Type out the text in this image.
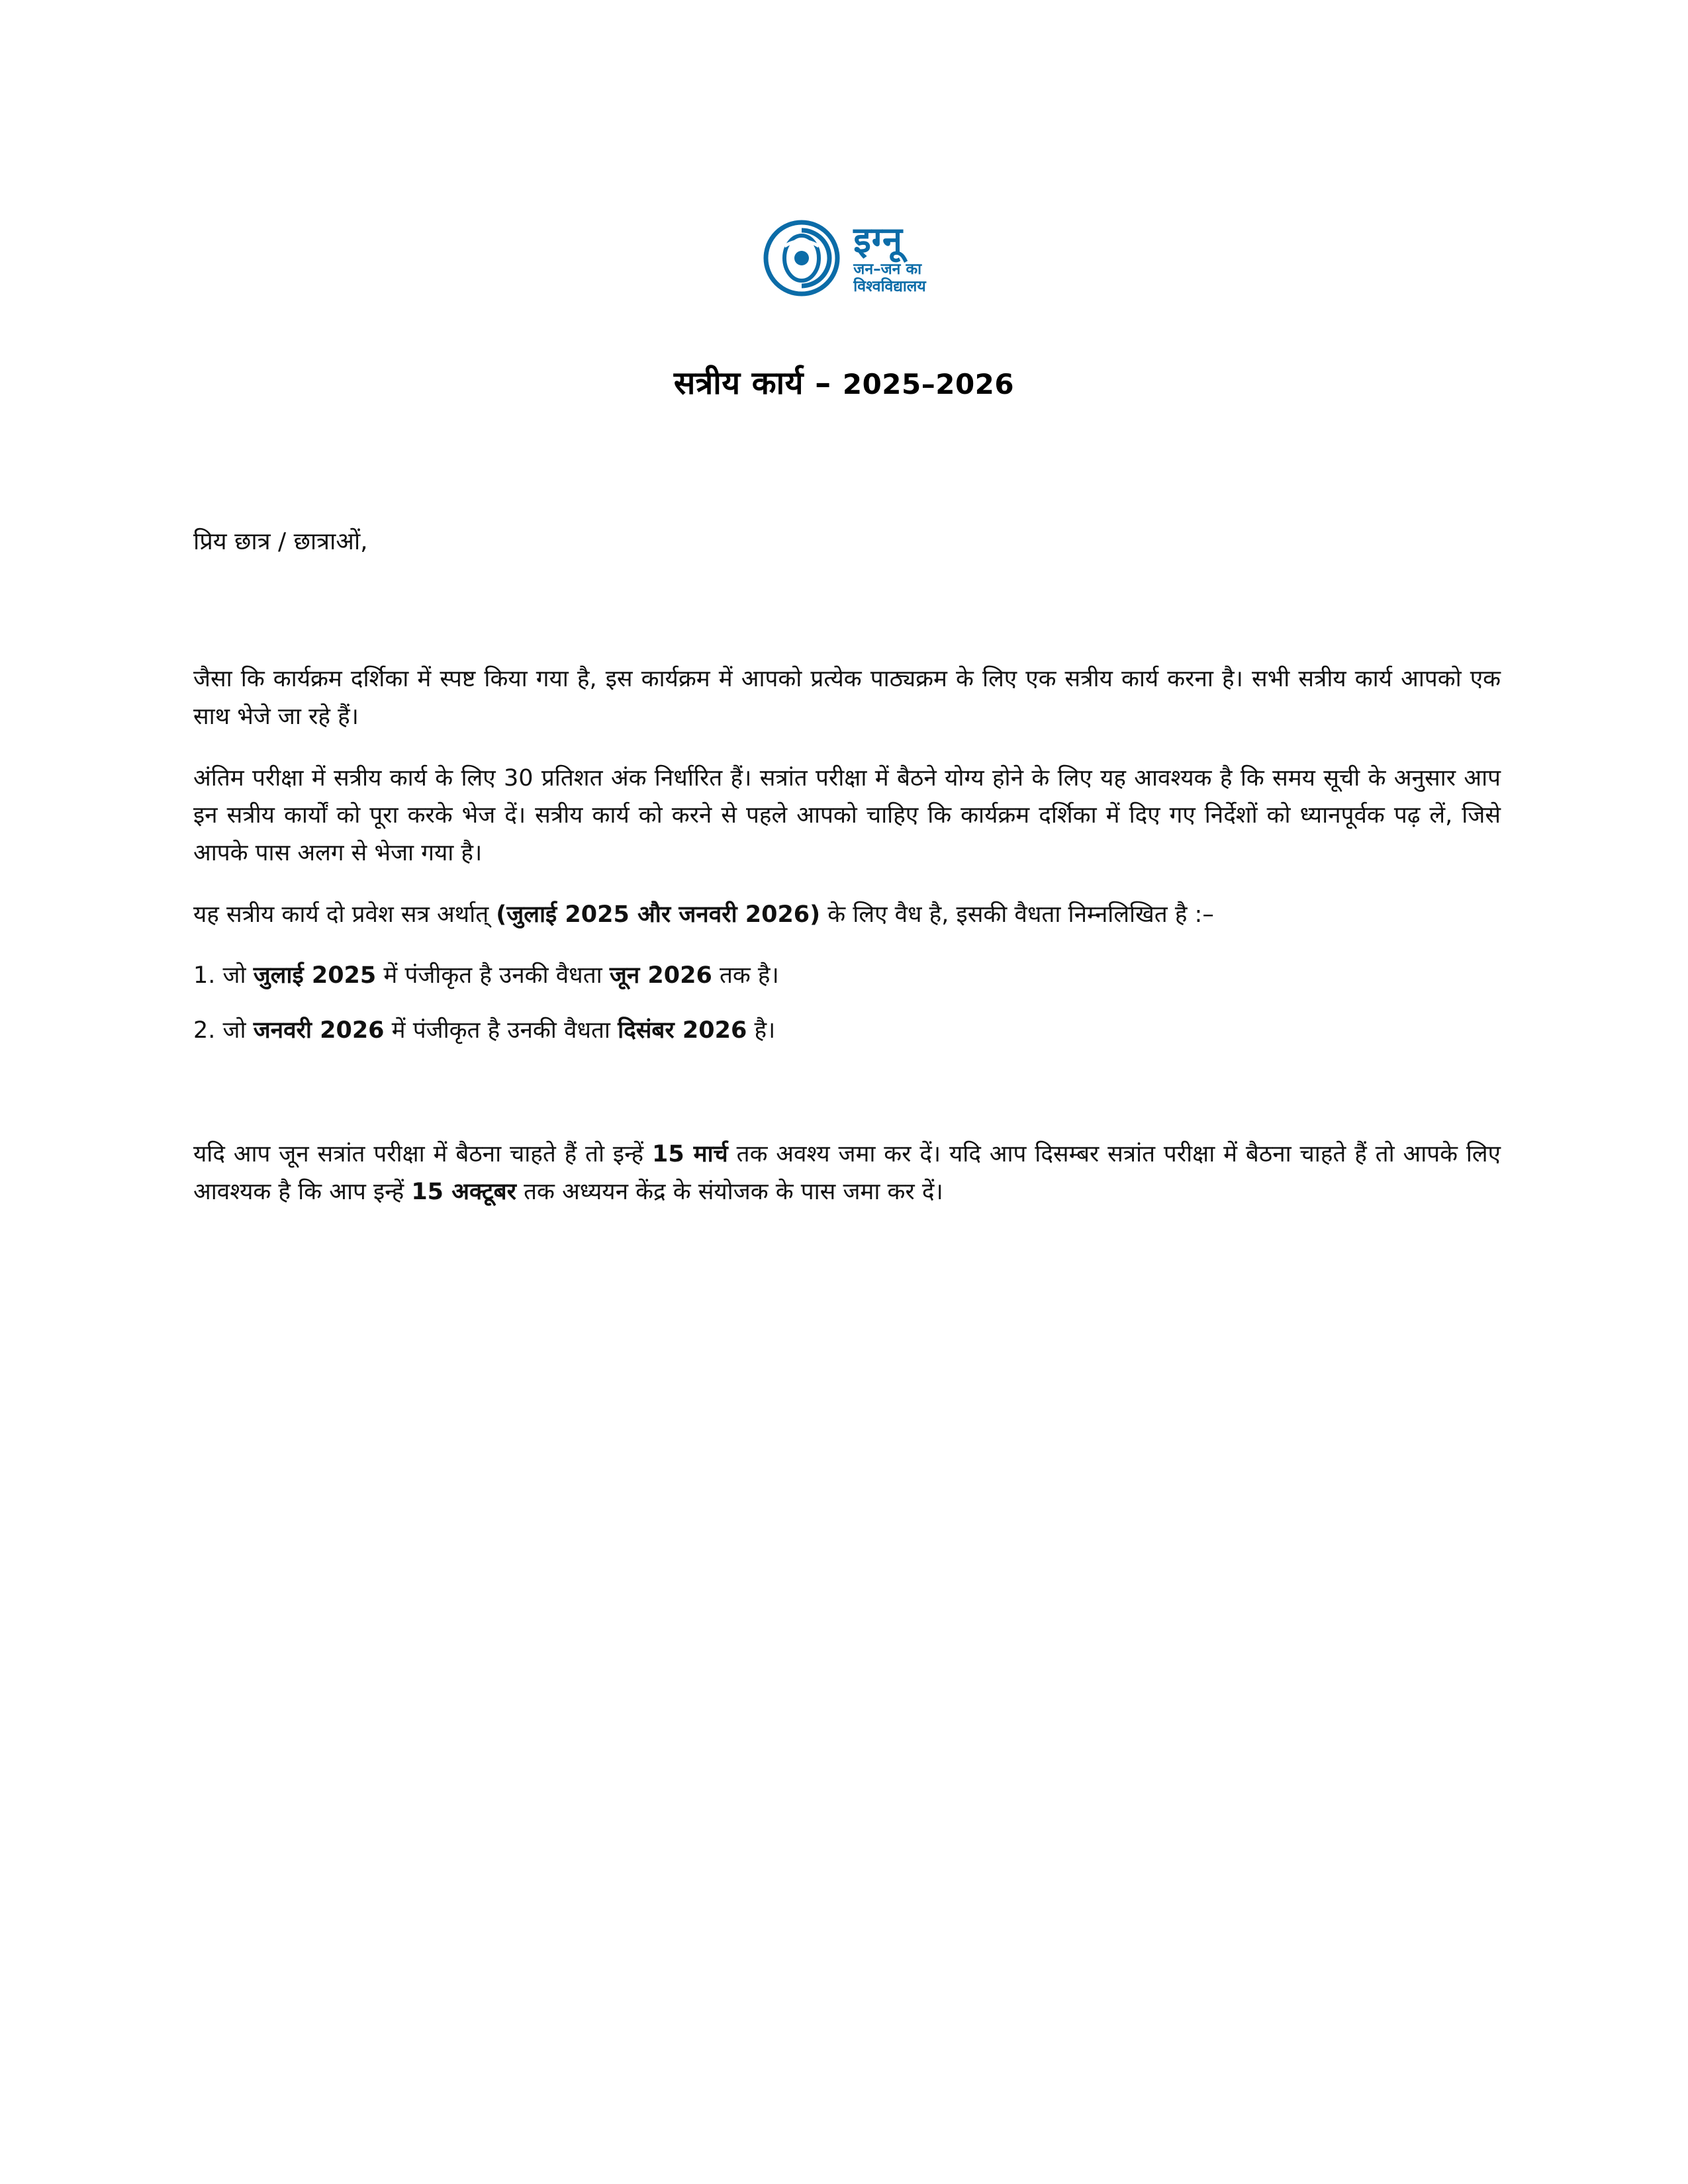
इग्नू
जन–जन का
विश्वविद्यालय
सत्रीय कार्य – 2025–2026
प्रिय छात्र / छात्राओं,
जैसा कि कार्यक्रम दर्शिका में स्पष्ट किया गया है, इस कार्यक्रम में आपको प्रत्येक पाठ्यक्रम के लिए एक सत्रीय कार्य करना है। सभी सत्रीय कार्य आपको एक साथ भेजे जा रहे हैं।
अंतिम परीक्षा में सत्रीय कार्य के लिए 30 प्रतिशत अंक निर्धारित हैं। सत्रांत परीक्षा में बैठने योग्य होने के लिए यह आवश्यक है कि समय सूची के अनुसार आप इन सत्रीय कार्यों को पूरा करके भेज दें। सत्रीय कार्य को करने से पहले आपको चाहिए कि कार्यक्रम दर्शिका में दिए गए निर्देशों को ध्यानपूर्वक पढ़ लें, जिसे आपके पास अलग से भेजा गया है।
यह सत्रीय कार्य दो प्रवेश सत्र अर्थात् (जुलाई 2025 और जनवरी 2026) के लिए वैध है, इसकी वैधता निम्नलिखित है :–
1. जो जुलाई 2025 में पंजीकृत है उनकी वैधता जून 2026 तक है।
2. जो जनवरी 2026 में पंजीकृत है उनकी वैधता दिसंबर 2026 है।
यदि आप जून सत्रांत परीक्षा में बैठना चाहते हैं तो इन्हें 15 मार्च तक अवश्य जमा कर दें। यदि आप दिसम्बर सत्रांत परीक्षा में बैठना चाहते हैं तो आपके लिए आवश्यक है कि आप इन्हें 15 अक्टूबर तक अध्ययन केंद्र के संयोजक के पास जमा कर दें।
